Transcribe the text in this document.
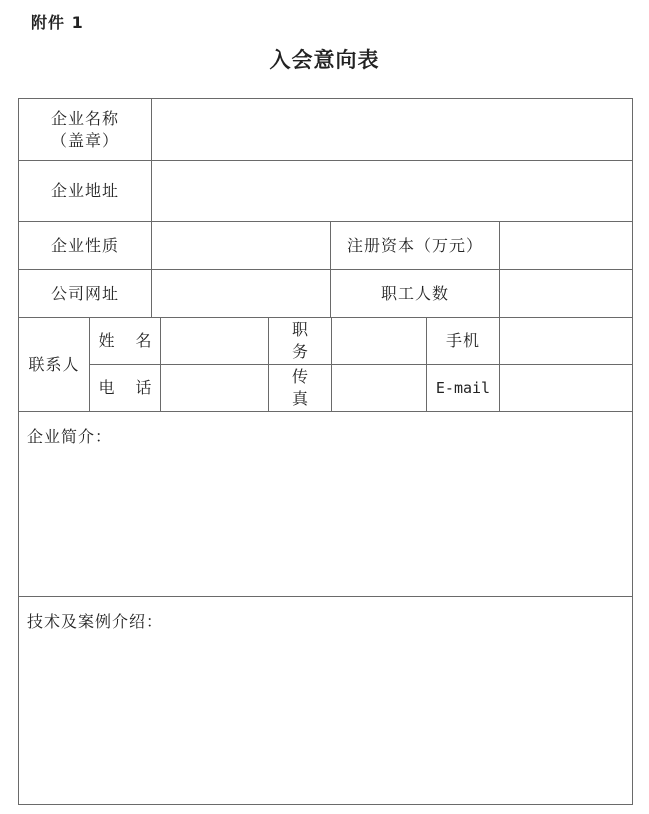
附件 1
入会意向表
企业名称
（盖章）
企业地址
企业性质	注册资本（万元）
公司网址	职工人数
联系人
姓 名
职 务
手机
电 话
传 真
E-mail
企业简介：
技术及案例介绍：
